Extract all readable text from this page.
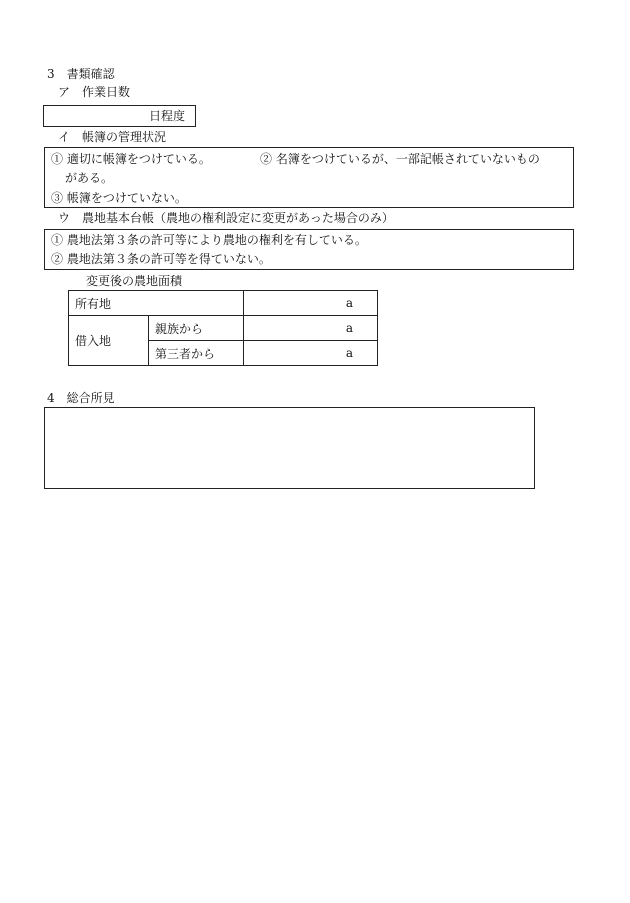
3　書類確認
ア　作業日数
日程度
イ　帳簿の管理状況
① 適切に帳簿をつけている。	② 名簿をつけているが、一部記帳されていないもの
がある。
③ 帳簿をつけていない。
ウ　農地基本台帳（農地の権利設定に変更があった場合のみ）
① 農地法第３条の許可等により農地の権利を有している。
② 農地法第３条の許可等を得ていない。
変更後の農地面積
所有地		a
借入地	親族から	a
	第三者から	a
4　総合所見
